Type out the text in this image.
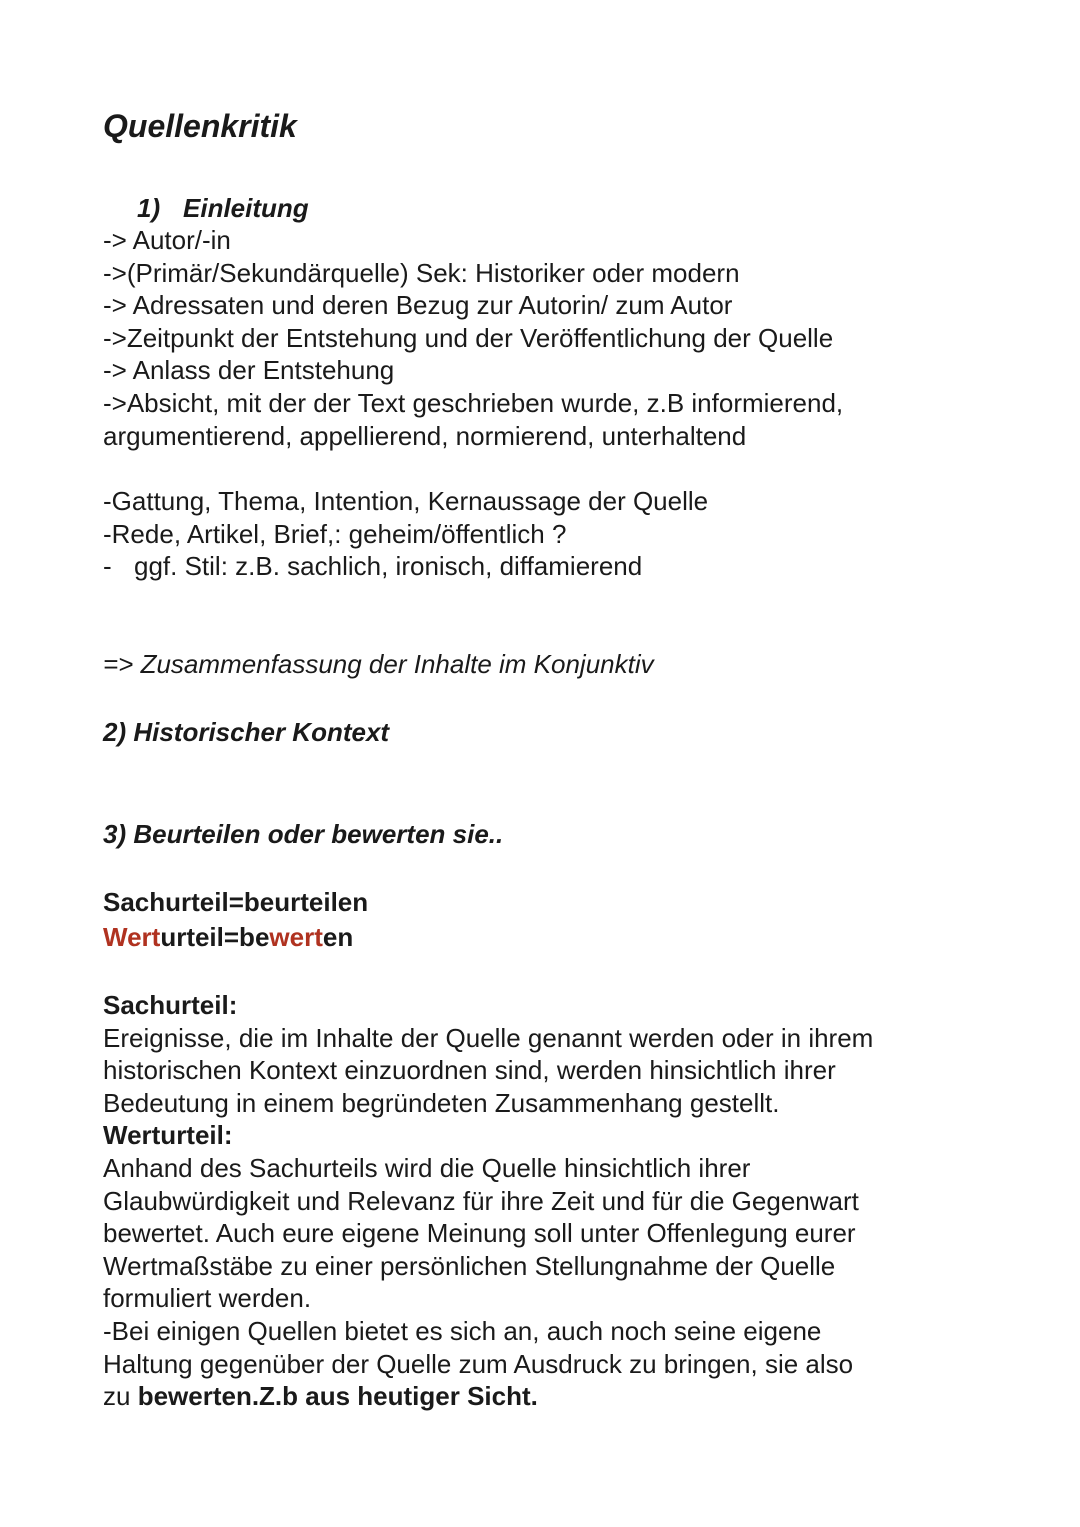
Quellenkritik
1) Einleitung
-> Autor/-in
->(Primär/Sekundärquelle) Sek: Historiker oder modern
-> Adressaten und deren Bezug zur Autorin/ zum Autor
->Zeitpunkt der Entstehung und der Veröffentlichung der Quelle
-> Anlass der Entstehung
->Absicht, mit der der Text geschrieben wurde, z.B informierend,
argumentierend, appellierend, normierend, unterhaltend
-Gattung, Thema, Intention, Kernaussage der Quelle
-Rede, Artikel, Brief,: geheim/öffentlich ?
- ggf. Stil: z.B. sachlich, ironisch, diffamierend
=> Zusammenfassung der Inhalte im Konjunktiv
2) Historischer Kontext
3) Beurteilen oder bewerten sie..
Sachurteil=beurteilen
Werturteil=bewerten
Sachurteil:
Ereignisse, die im Inhalte der Quelle genannt werden oder in ihrem
historischen Kontext einzuordnen sind, werden hinsichtlich ihrer
Bedeutung in einem begründeten Zusammenhang gestellt.
Werturteil:
Anhand des Sachurteils wird die Quelle hinsichtlich ihrer
Glaubwürdigkeit und Relevanz für ihre Zeit und für die Gegenwart
bewertet. Auch eure eigene Meinung soll unter Offenlegung eurer
Wertmaßstäbe zu einer persönlichen Stellungnahme der Quelle
formuliert werden.
-Bei einigen Quellen bietet es sich an, auch noch seine eigene
Haltung gegenüber der Quelle zum Ausdruck zu bringen, sie also
zu bewerten.Z.b aus heutiger Sicht.
